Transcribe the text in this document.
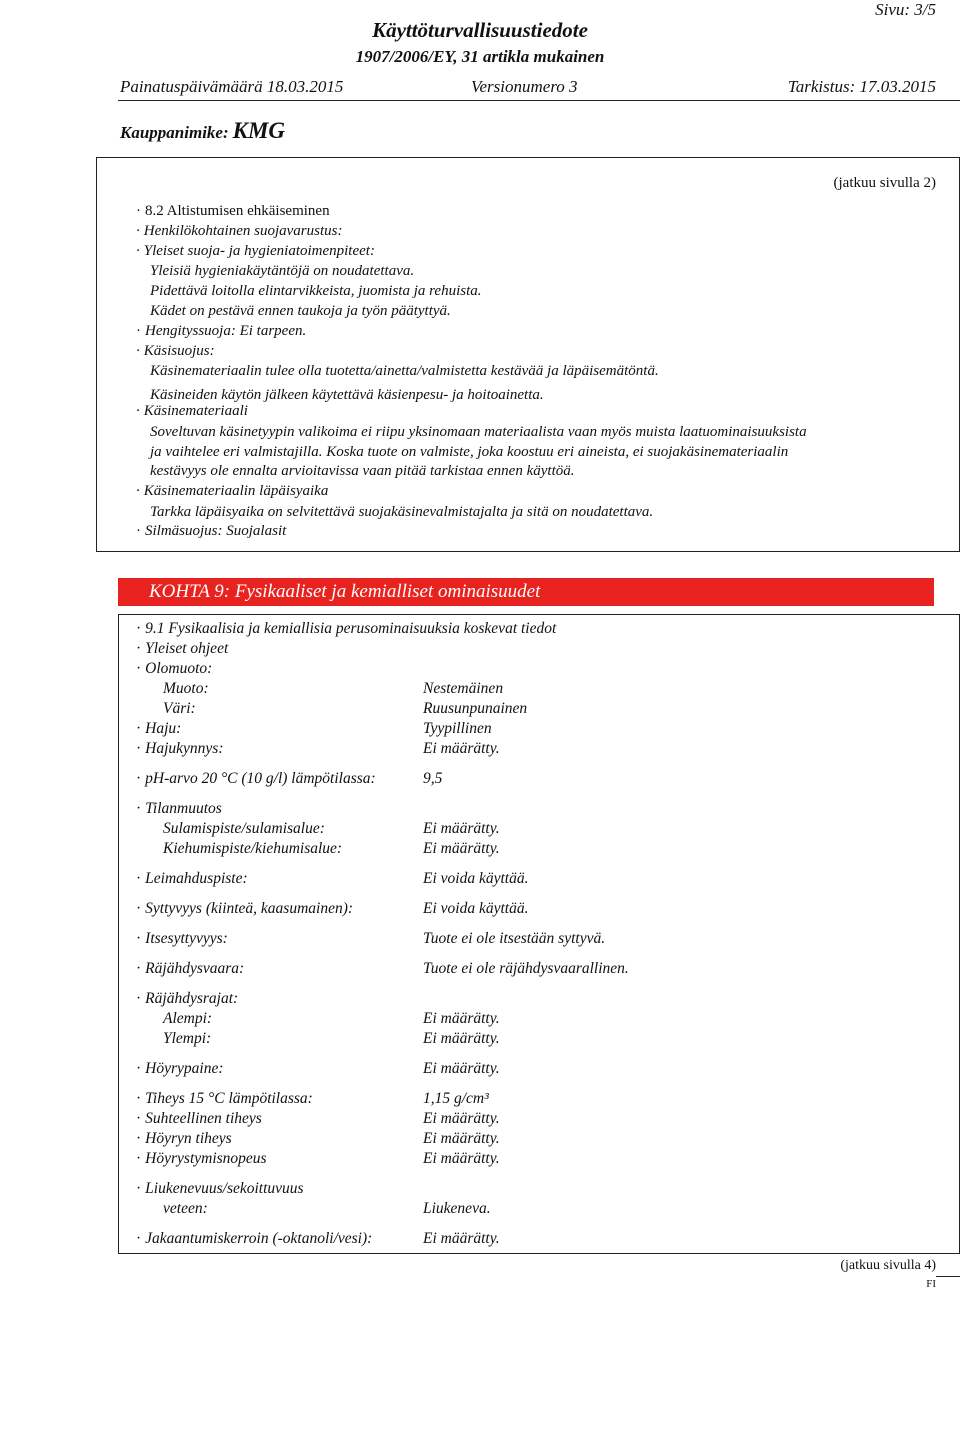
Sivu: 3/5
Käyttöturvallisuustiedote
1907/2006/EY, 31 artikla mukainen
Painatuspäivämäärä 18.03.2015	Versionumero 3	Tarkistus: 17.03.2015
Kauppanimike: KMG
(jatkuu sivulla 2)
· 8.2 Altistumisen ehkäiseminen
· Henkilökohtainen suojavarustus:
· Yleiset suoja- ja hygieniatoimenpiteet:
Yleisiä hygieniakäytäntöjä on noudatettava.
Pidettävä loitolla elintarvikkeista, juomista ja rehuista.
Kädet on pestävä ennen taukoja ja työn päätyttyä.
· Hengityssuoja: Ei tarpeen.
· Käsisuojus:
Käsinemateriaalin tulee olla tuotetta/ainetta/valmistetta kestävää ja läpäisemätöntä.
Käsineiden käytön jälkeen käytettävä käsienpesu- ja hoitoainetta.
· Käsinemateriaali
Soveltuvan käsinetyypin valikoima ei riipu yksinomaan materiaalista vaan myös muista laatuominaisuuksista
ja vaihtelee eri valmistajilla. Koska tuote on valmiste, joka koostuu eri aineista, ei suojakäsinemateriaalin
kestävyys ole ennalta arvioitavissa vaan pitää tarkistaa ennen käyttöä.
· Käsinemateriaalin läpäisyaika
Tarkka läpäisyaika on selvitettävä suojakäsinevalmistajalta ja sitä on noudatettava.
· Silmäsuojus: Suojalasit
KOHTA 9: Fysikaaliset ja kemialliset ominaisuudet
· 9.1 Fysikaalisia ja kemiallisia perusominaisuuksia koskevat tiedot
· Yleiset ohjeet
· Olomuoto:
Muoto:	Nestemäinen
Väri:	Ruusunpunainen
· Haju:	Tyypillinen
· Hajukynnys:	Ei määrätty.
· pH-arvo 20 °C (10 g/l) lämpötilassa:	9,5
· Tilanmuutos
Sulamispiste/sulamisalue:	Ei määrätty.
Kiehumispiste/kiehumisalue:	Ei määrätty.
· Leimahduspiste:	Ei voida käyttää.
· Syttyvyys (kiinteä, kaasumainen):	Ei voida käyttää.
· Itsesyttyvyys:	Tuote ei ole itsestään syttyvä.
· Räjähdysvaara:	Tuote ei ole räjähdysvaarallinen.
· Räjähdysrajat:
Alempi:	Ei määrätty.
Ylempi:	Ei määrätty.
· Höyrypaine:	Ei määrätty.
· Tiheys 15 °C lämpötilassa:	1,15 g/cm³
· Suhteellinen tiheys	Ei määrätty.
· Höyryn tiheys	Ei määrätty.
· Höyrystymisnopeus	Ei määrätty.
· Liukenevuus/sekoittuvuus
veteen:	Liukeneva.
· Jakaantumiskerroin (-oktanoli/vesi):	Ei määrätty.
(jatkuu sivulla 4)
FI
